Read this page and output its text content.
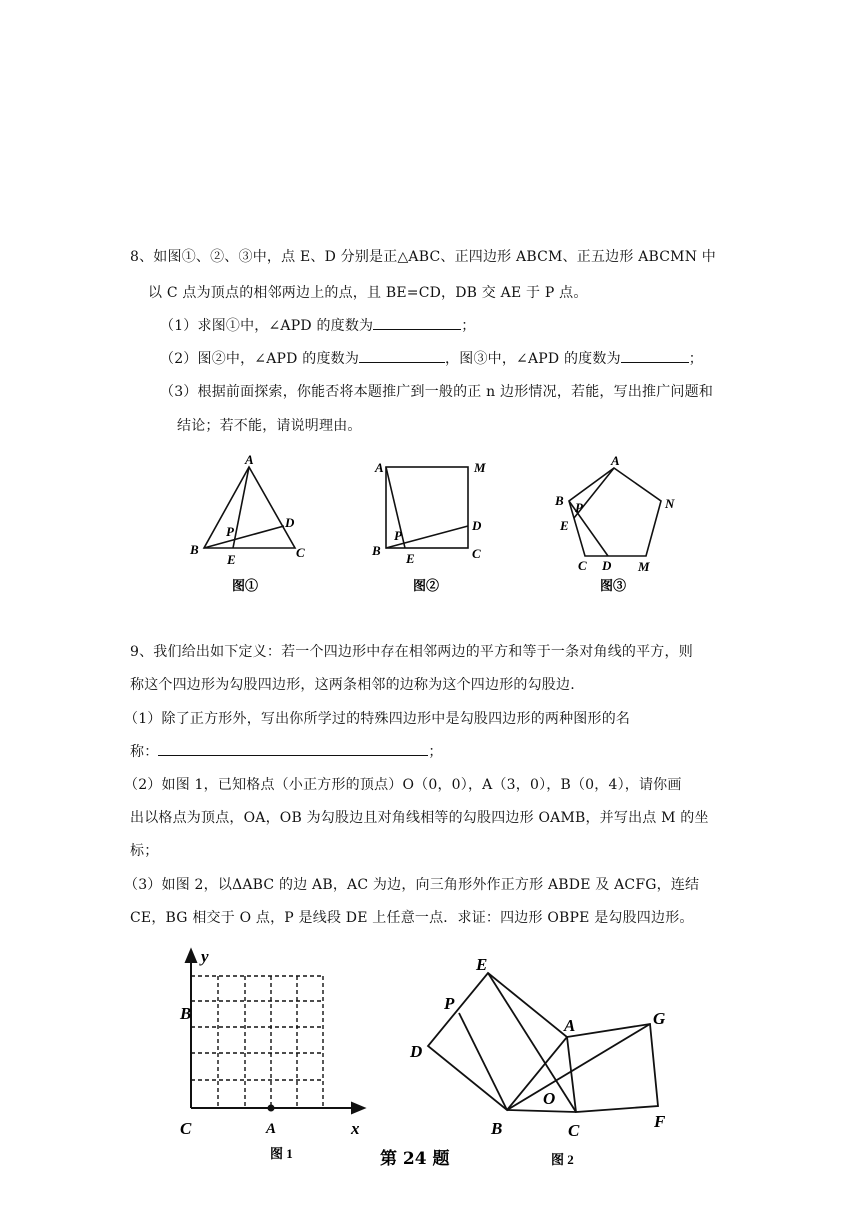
8、如图①、②、③中，点 E、D 分别是正△ABC、正四边形 ABCM、正五边形 ABCMN 中
以 C 点为顶点的相邻两边上的点，且 BE=CD，DB 交 AE 于 P 点。
（1）求图①中，∠APD 的度数为	；
（2）图②中，∠APD 的度数为	，图③中，∠APD 的度数为	；
（3）根据前面探索，你能否将本题推广到一般的正 n 边形情况，若能，写出推广问题和
结论；若不能，请说明理由。
A
B	C
D
E
P
图①
A	M
B	C
D
E
P
图②
A
B	N
E
P
C D M
图③
9、我们给出如下定义：若一个四边形中存在相邻两边的平方和等于一条对角线的平方，则
称这个四边形为勾股四边形，这两条相邻的边称为这个四边形的勾股边.
（1）除了正方形外，写出你所学过的特殊四边形中是勾股四边形的两种图形的名
称：	；
（2）如图 1，已知格点（小正方形的顶点）O（0，0），A（3，0），B（0，4），请你画
出以格点为顶点，OA，OB 为勾股边且对角线相等的勾股四边形 OAMB，并写出点 M 的坐
标；
（3）如图 2，以ΔABC 的边 AB，AC 为边，向三角形外作正方形 ABDE 及 ACFG，连结
CE，BG 相交于 O 点，P 是线段 DE 上任意一点．求证：四边形 OBPE 是勾股四边形。
y
x
B
C	A
图 1
E
P
D
A	G
O
B	C	F
图 2
第 24 题
